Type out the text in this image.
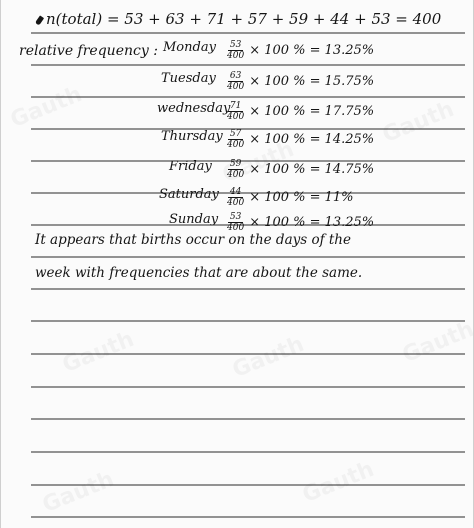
n(total) = 53 + 63 + 71 + 57 + 59 + 44 + 53 = 400
relative frequency : Monday $\frac{53}{400} \times 100$ % = 13.25%
Tuesday $\frac{63}{400} \times 100$ % = 15.75%
wednesday
$\frac{71}{400} \times 100$ % = 17.75%
Thursday $\frac{57}{400} \times 100$ % = 14.25%
Friday $\frac{59}{400} \times 100$ % = 14.75%
Saturday $\frac{44}{400} \times 100$ % = 11%
Sunday $\frac{53}{400} \times 100$ % = 13.25%
It appears that births occur on the days of the
week with frequencies that are about the same.
